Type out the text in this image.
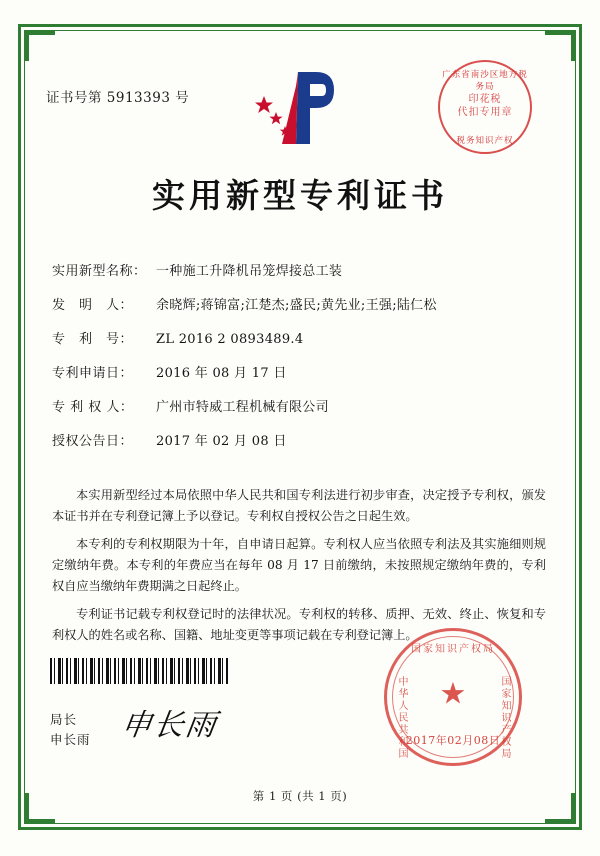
证书号第 5913393 号
广东省南沙区地方税务局
印花税
代扣专用章
税务知识产权
实用新型专利证书
实用新型名称： 一种施工升降机吊笼焊接总工装
发　明　人： 余晓辉;蒋锦富;江楚杰;盛民;黄先业;王强;陆仁松
专　利　号： ZL 2016 2 0893489.4
专利申请日： 2016 年 08 月 17 日
专 利 权 人： 广州市特威工程机械有限公司
授权公告日： 2017 年 02 月 08 日
本实用新型经过本局依照中华人民共和国专利法进行初步审查，决定授予专利权，颁发本证书并在专利登记簿上予以登记。专利权自授权公告之日起生效。
本专利的专利权期限为十年，自申请日起算。专利权人应当依照专利法及其实施细则规定缴纳年费。本专利的年费应当在每年 08 月 17 日前缴纳，未按照规定缴纳年费的，专利权自应当缴纳年费期满之日起终止。
专利证书记载专利权登记时的法律状况。专利权的转移、质押、无效、终止、恢复和专利权人的姓名或名称、国籍、地址变更等事项记载在专利登记簿上。
局长
申长雨 申长雨
国家知识产权局
中华人民共和国	国家知识产权局
★
2017年02月08日
第 1 页 (共 1 页)
